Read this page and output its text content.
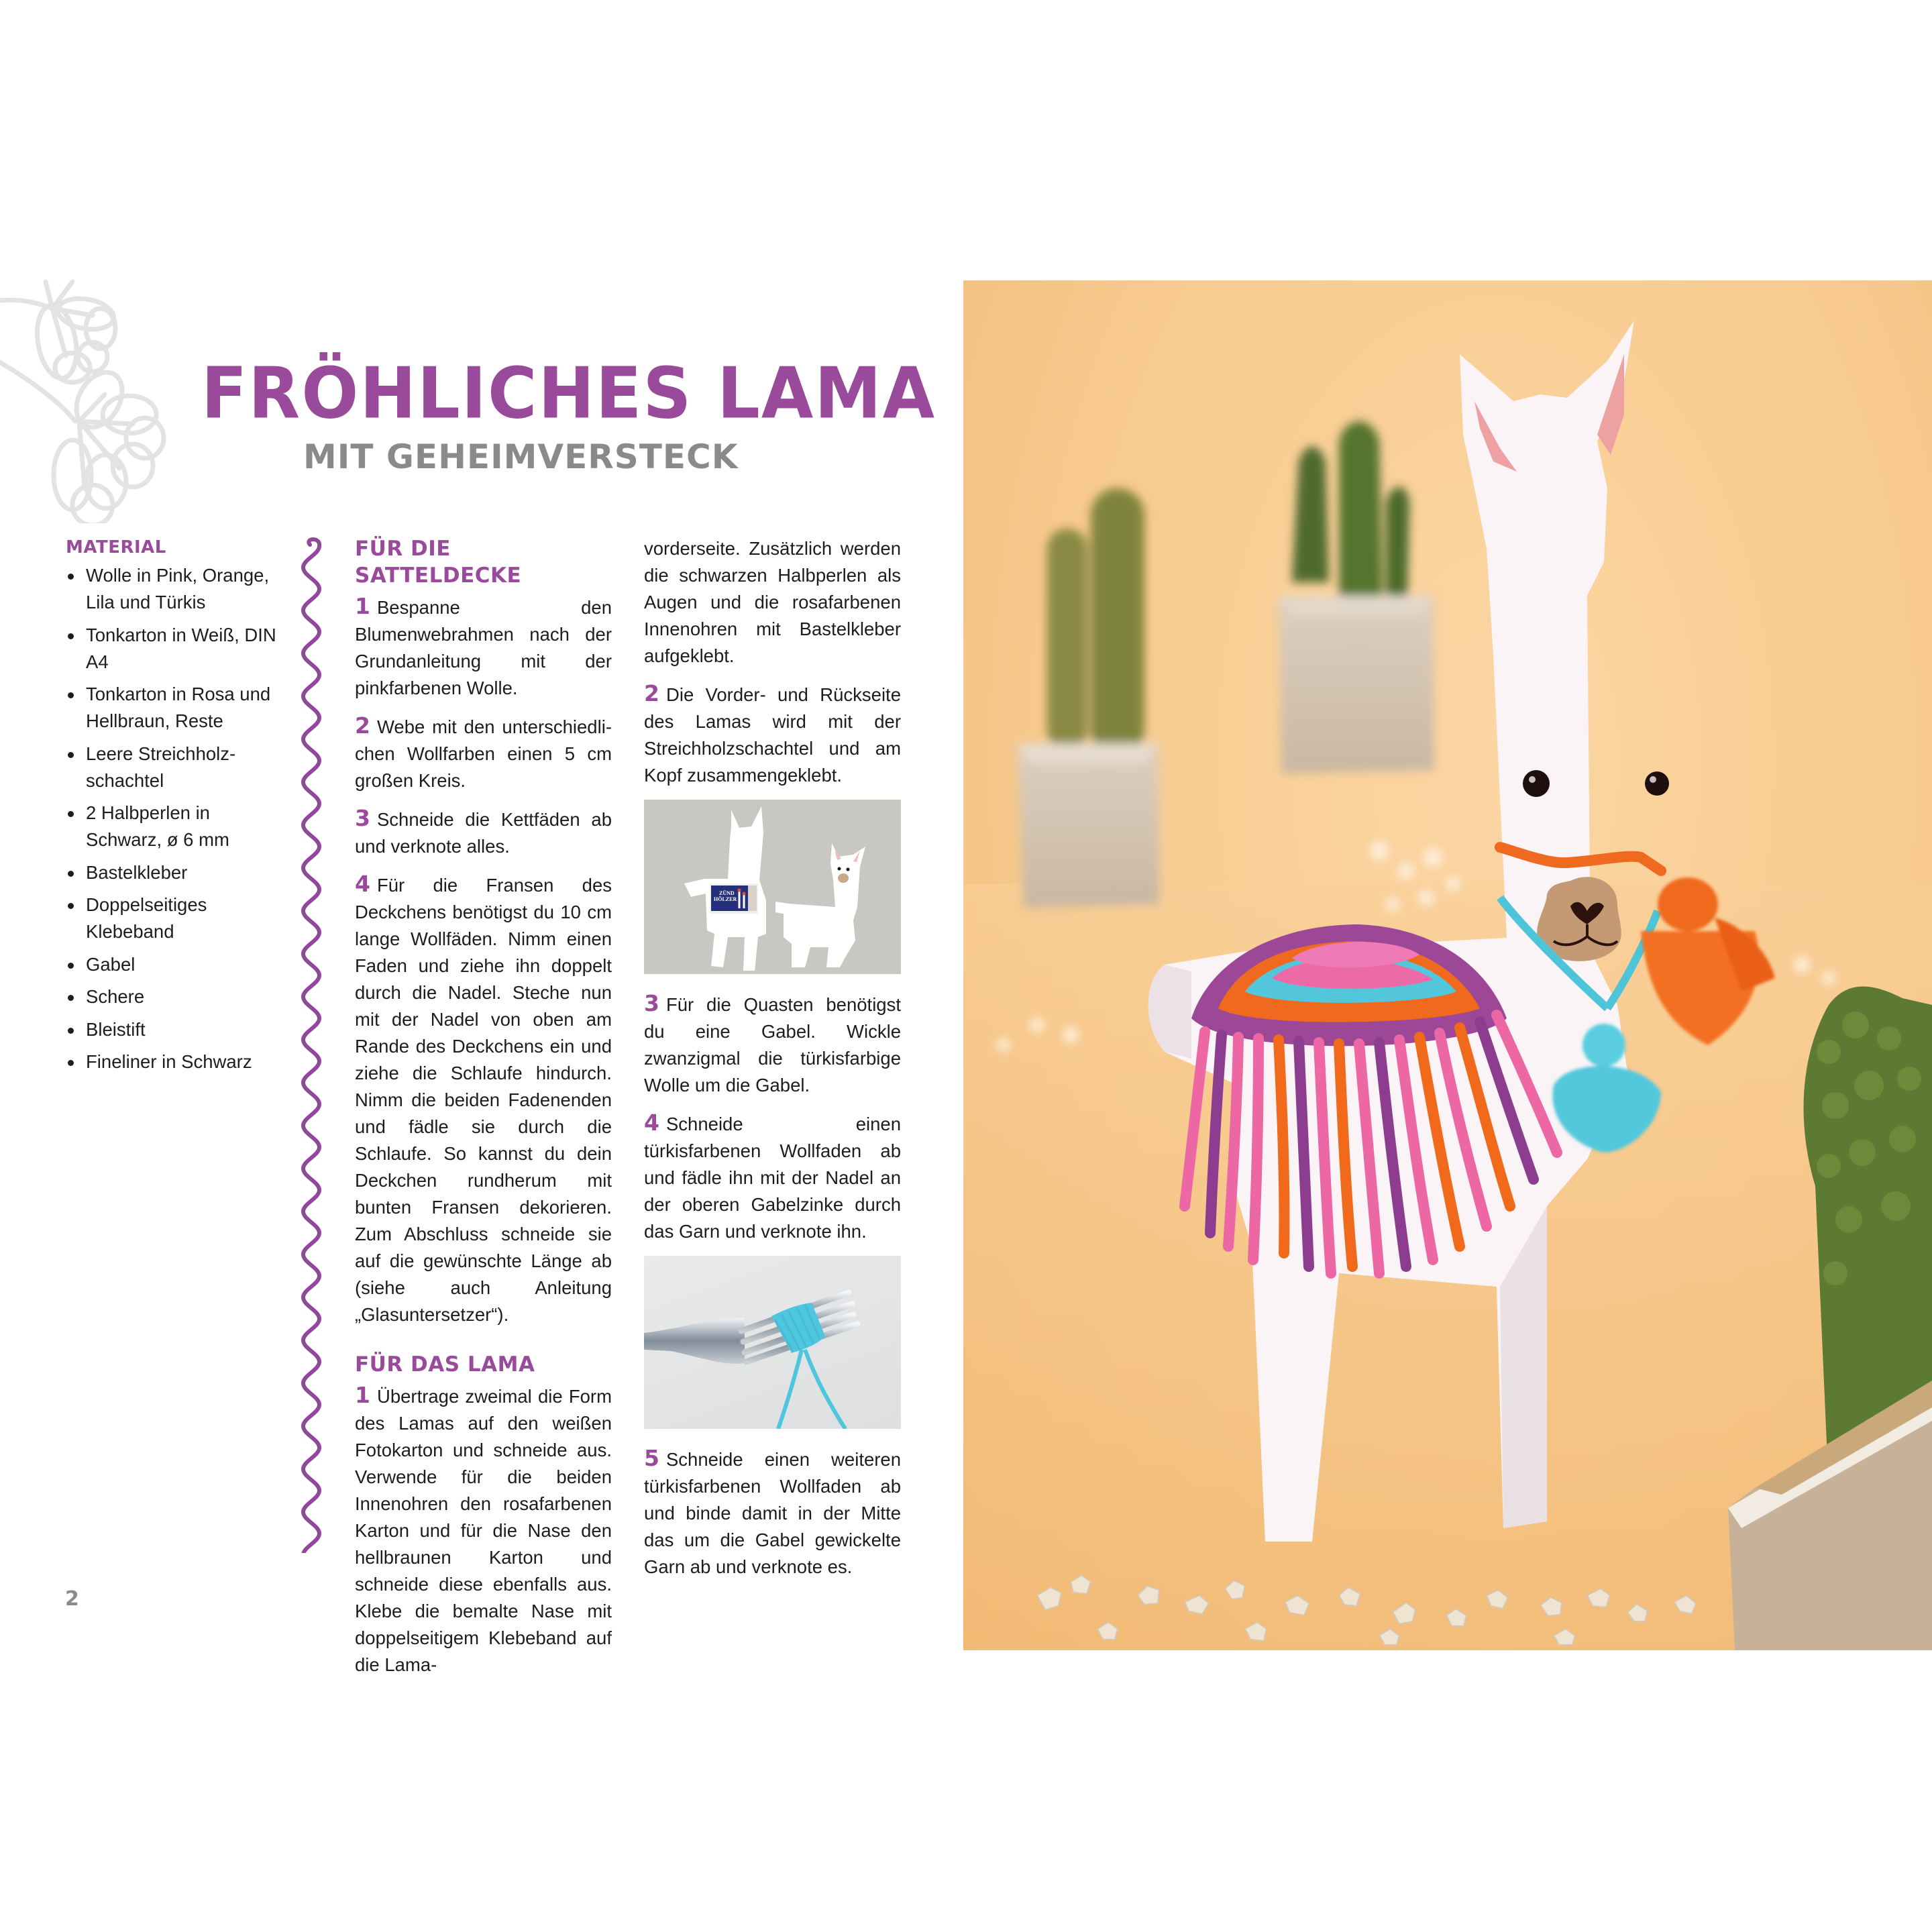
FRÖHLICHES LAMA
MIT GEHEIMVERSTECK
MATERIAL
Wolle in Pink, Orange, Lila und Türkis
Tonkarton in Weiß, DIN A4
Tonkarton in Rosa und Hellbraun, Reste
Leere Streichholzschachtel
2 Halbperlen in Schwarz, ø 6 mm
Bastelkleber
Doppelseitiges Klebeband
Gabel
Schere
Bleistift
Fineliner in Schwarz
FÜR DIE SATTELDECKE

1 Bespanne den Blumenwebrahmen nach der Grundanleitung mit der pinkfarbenen Wolle.

2 Webe mit den unterschiedlichen Wollfarben einen 5 cm großen Kreis.

3 Schneide die Kettfäden ab und verknote alles.

4 Für die Fransen des Deckchens benötigst du 10 cm lange Wollfäden. Nimm einen Faden und ziehe ihn doppelt durch die Nadel. Steche nun mit der Nadel von oben am Rande des Deckchens ein und ziehe die Schlaufe hindurch. Nimm die beiden Fadenenden und fädle sie durch die Schlaufe. So kannst du dein Deckchen rundherum mit bunten Fransen dekorieren. Zum Abschluss schneide sie auf die gewünschte Länge ab (siehe auch Anleitung „Glasuntersetzer“).

FÜR DAS LAMA

1 Übertrage zweimal die Form des Lamas auf den weißen Fotokarton und schneide aus. Verwende für die beiden Innenohren den rosafarbenen Karton und für die Nase den hellbraunen Karton und schneide diese ebenfalls aus. Klebe die bemalte Nase mit doppelseitigem Klebeband auf die Lama-

vorderseite. Zusätzlich werden die schwarzen Halbperlen als Augen und die rosafarbenen Innenohren mit Bastelkleber aufgeklebt.

2 Die Vorder- und Rückseite des Lamas wird mit der Streichholzschachtel und am Kopf zusammengeklebt.

ZÜND
HÖLZER

3 Für die Quasten benötigst du eine Gabel. Wickle zwanzigmal die türkisfarbige Wolle um die Gabel.

4 Schneide einen türkisfarbenen Wollfaden ab und fädle ihn mit der Nadel an der oberen Gabelzinke durch das Garn und verknote ihn.

5 Schneide einen weiteren türkisfarbenen Wollfaden ab und binde damit in der Mitte das um die Gabel gewickelte Garn ab und verknote es.

2
